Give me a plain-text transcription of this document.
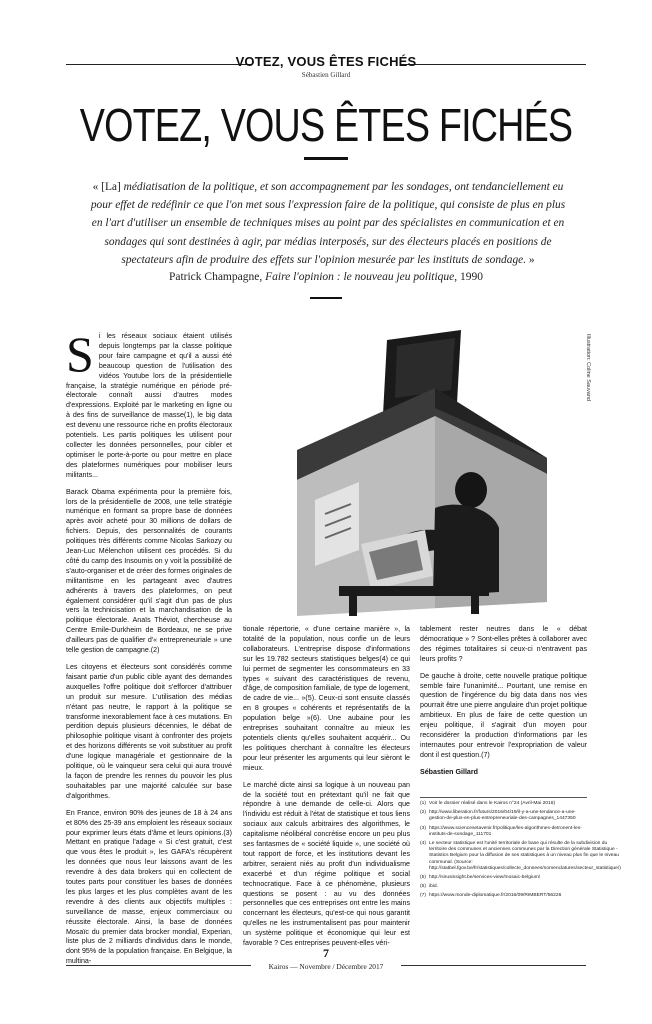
VOTEZ, VOUS ÊTES FICHÉS
Sébastien Gillard
VOTEZ, VOUS ÊTES FICHÉS
« [La] médiatisation de la politique, et son accompagnement par les sondages, ont tendanciellement eu pour effet de redéfinir ce que l'on met sous l'expression faire de la politique, qui consiste de plus en plus en l'art d'utiliser un ensemble de techniques mises au point par des spécialistes en communication et en sondages qui sont destinées à agir, par médias interposés, sur des électeurs placés en positions de spectateurs afin de produire des effets sur l'opinion mesurée par les instituts de sondage. »
Patrick Champagne, Faire l'opinion : le nouveau jeu politique, 1990
Illustration: Coline Sauvand

Si les réseaux sociaux étaient utilisés depuis longtemps par la classe politique pour faire campagne et qu'il a aussi été beaucoup question de l'utilisation des vidéos Youtube lors de la présidentielle française, la stratégie numérique en période pré-électorale connaît aussi d'autres modes d'expressions. Exploité par le marketing en ligne ou à des fins de surveillance de masse(1), le big data est devenu une ressource riche en profits électoraux potentiels. Les partis politiques les utilisent pour collecter les données personnelles, pour cibler et optimiser le porte-à-porte ou pour mettre en place des plateformes numériques pour mobiliser leurs militants...

Barack Obama expérimenta pour la première fois, lors de la présidentielle de 2008, une telle stratégie numérique en formant sa propre base de données après avoir acheté pour 30 millions de dollars de fichiers. Depuis, des personnalités de courants politiques très différents comme Nicolas Sarkozy ou Jean-Luc Mélenchon utilisent ces procédés. Si du côté du camp des Insoumis on y voit la possibilité de s'auto-organiser et de créer des formes originales de militantisme en les partageant avec d'autres adhérents à travers des plateformes, on peut également considérer qu'il s'agit d'un pas de plus vers la technicisation et la marchandisation de la politique électorale. Anaïs Théviot, chercheuse au Centre Emile-Durkheim de Bordeaux, ne se prive d'ailleurs pas de qualifier d'« entrepreneuriale » une telle gestion de campagne.(2)

Les citoyens et électeurs sont considérés comme faisant partie d'un public cible ayant des demandes auxquelles l'offre politique doit s'efforcer d'attribuer un produit sur mesure. L'utilisation des médias n'étant pas neutre, le rapport à la politique se transforme inexorablement face à ces mutations. En perdition depuis plusieurs décennies, le débat de philosophie politique visant à confronter des projets et des horizons différents se voit substituer au profit d'une logique managériale et gestionnaire de la politique, où le vainqueur sera celui qui aura trouvé la façon de prendre les rennes du pouvoir les plus souhaitables par une majorité calculée sur base d'algorithmes.

En France, environ 90% des jeunes de 18 à 24 ans et 80% des 25-39 ans emploient les réseaux sociaux pour exprimer leurs états d'âme et leurs opinions.(3) Mettant en pratique l'adage « Si c'est gratuit, c'est que vous êtes le produit », les GAFA's récupèrent les données que nous leur laissons avant de les revendre à des data brokers qui en collectent de toutes parts pour constituer les bases de données les plus larges et les plus complètes avant de les revendre à des clients aux objectifs multiples : surveillance de masse, enjeux commerciaux ou réussite électorale. Ainsi, la base de données Mosaïc du premier data brocker mondial, Experian, liste plus de 2 milliards d'individus dans le monde, dont 95% de la population française. En Belgique, la multina-

tionale répertorie, « d'une certaine manière », la totalité de la population, nous confie un de leurs collaborateurs. L'entreprise dispose d'informations sur les 19.782 secteurs statistiques belges(4) ce qui lui permet de segmenter les consommateurs en 33 types « suivant des caractéristiques de revenu, d'âge, de composition familiale, de type de logement, de cadre de vie... »(5). Ceux-ci sont ensuite classés en 8 groupes « cohérents et représentatifs de la population belge »(6). Une aubaine pour les entreprises souhaitant connaître au mieux les potentiels clients qu'elles souhaitent acquérir... Ou les politiques cherchant à connaître les électeurs pour leur présenter les arguments qui leur sièront le mieux.

Le marché dicte ainsi sa logique à un nouveau pan de la société tout en prétextant qu'il ne fait que répondre à une demande de celle-ci. Alors que l'individu est réduit à l'état de statistique et tous liens sociaux aux calculs arbitraires des algorithmes, le capitalisme néolibéral concrétise encore un peu plus ses fantasmes de « société liquide », une société où tout rapport de force, et les institutions devant les arbitrer, seraient niés au profit d'un individualisme exacerbé et d'un régime politique et social technocratique. Face à ce phénomène, plusieurs questions se posent : au vu des données personnelles que ces entreprises ont entre les mains concernant les électeurs, qu'est-ce qui nous garantit qu'elles ne les instrumentalisent pas pour maintenir un système politique et économique qui leur est favorable ? Ces entreprises peuvent-elles véri-

tablement rester neutres dans le « débat démocratique » ? Sont-elles prêtes à collaborer avec des régimes totalitaires si ceux-ci n'entravent pas leurs profits ?

De gauche à droite, cette nouvelle pratique politique semble faire l'unanimité... Pourtant, une remise en question de l'ingérence du big data dans nos vies pourrait être une pierre angulaire d'un projet politique ambitieux. En plus de faire de cette question un enjeu politique, il s'agirait d'un moyen pour reconsidérer la production d'informations par les internautes pour entrevoir l'expropriation de valeur dont il est question.(7)

Sébastien Gillard

(1) Voir le dossier réalisé dans le Kairos n°24 (Avril-Mai 2016)
(2) http://www.liberation.fr/futurs/2016/04/19/il-y-a-une-tendance-a-une-gestion-de-plus-en-plus-entrepreneuriale-des-campagnes_1447350
(3) https://www.sciencesetavenir.fr/politique/les-algorithmes-detronent-les-instituts-de-sondage_111701
(4) Le secteur statistique est l'unité territoriale de base qui résulte de la subdivision du territoire des communes et anciennes communes par la Direction générale Statistique - Statistics Belgium pour la diffusion de ses statistiques à un niveau plus fin que le niveau communal. (Source: http://statbel.fgov.be/fr/statistiques/collecte_donnees/nomenclatures/secteur_statistique/)
(5) http://sirusinsight.be/services-view/mosaic-belgium/
(6) ibid.
(7) https://www.monde-diplomatique.fr/2016/09/RIMBERT/56226
7
Kairos — Novembre / Décembre 2017
